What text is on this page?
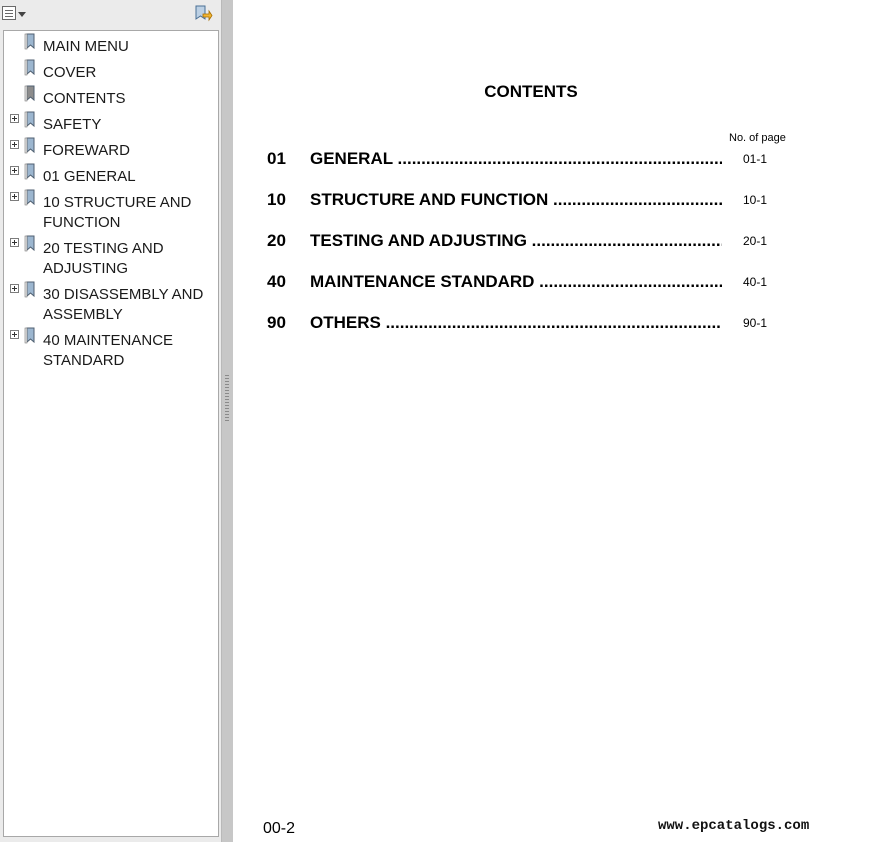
MAIN MENU
COVER
CONTENTS
SAFETY
FOREWARD
01 GENERAL
10 STRUCTURE AND FUNCTION
20 TESTING AND ADJUSTING
30 DISASSEMBLY AND ASSEMBLY
40 MAINTENANCE STANDARD
CONTENTS
No. of page
01 GENERAL .....	01-1
10 STRUCTURE AND FUNCTION .....	10-1
20 TESTING AND ADJUSTING .....	20-1
40 MAINTENANCE STANDARD .....	40-1
90 OTHERS .....	90-1
00-2	www.epcatalogs.com
